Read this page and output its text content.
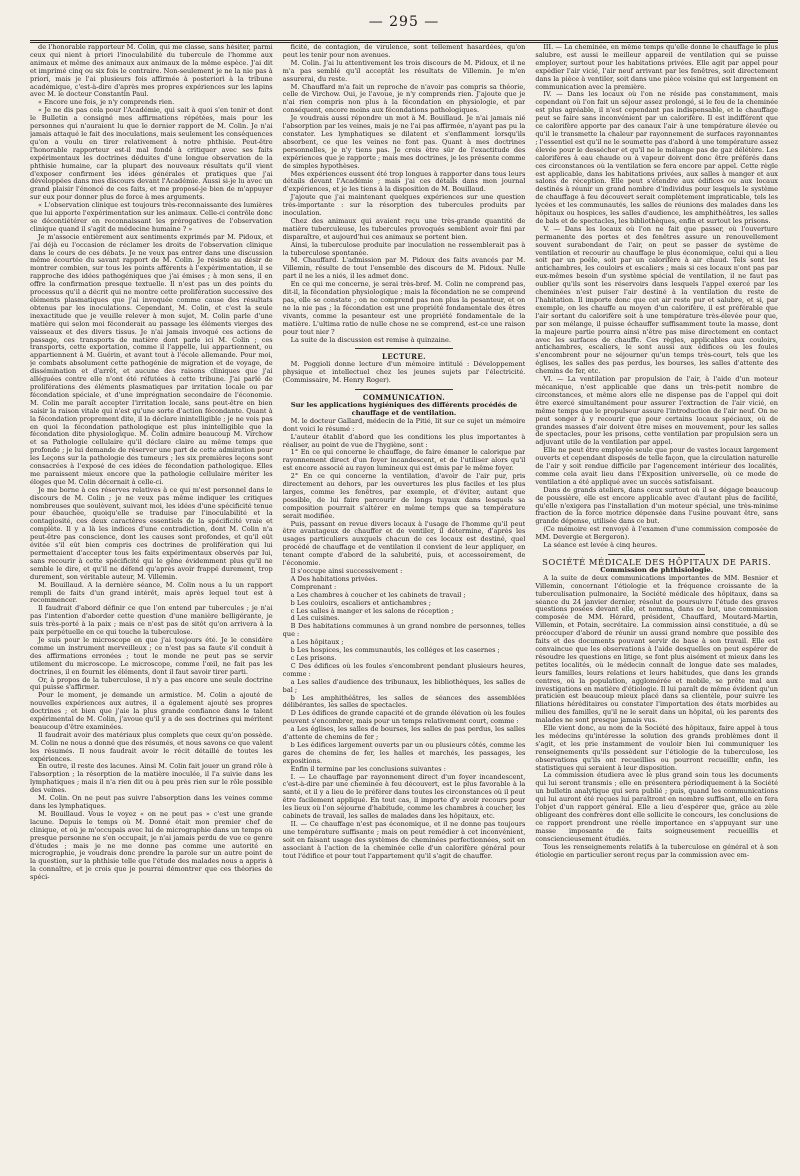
— 295 —

de l'honorable rapporteur M. Colin, qui me classe, sans hésiter, parmi ceux qui nient à priori l'inoculabilité du tubercule de l'homme aux animaux et même des animaux aux animaux de la même espèce. J'ai dit et imprimé cinq ou six fois le contraire. Non-seulement je ne la nie pas à priori, mais je l'ai plusieurs fois affirmée à posteriori à la tribune académique, c'est-à-dire d'après mes propres expériences sur les lapins avec M. le docteur Constantin Paul.

« Encore une fois, je n'y comprends rien.

« Je ne dis pas cela pour l'Académie, qui sait à quoi s'en tenir et dont le Bulletin a consigné mes affirmations répétées, mais pour les personnes qui n'auraient lu que le dernier rapport de M. Colin. Je n'ai jamais attaqué le fait des inoculations, mais seulement les conséquences qu'on a voulu en tirer relativement à notre phthisie. Peut-être l'honorable rapporteur est-il mal fondé à critiquer avec ses faits expérimentaux les doctrines déduites d'une longue observation de la phthisie humaine, car la plupart des nouveaux résultats qu'il vient d'exposer confirment les idées générales et pratiques que j'ai développées dans mes discours devant l'Académie. Aussi si-je lu avec un grand plaisir l'énoncé de ces faits, et me proposé-je bien de m'appuyer sur eux pour donner plus de force à mes arguments.

« L'observation clinique est toujours très-reconnaissante des lumières que lui apporte l'expérimentation sur les animaux. Celle-ci contrôle donc se décontiétérer en reconnaissant les prérogatives de l'observation clinique quand il s'agit de médecine humaine ? »

Je m'associe entièrement aux sentiments exprimés par M. Pidoux, et j'ai déjà eu l'occasion de réclamer les droits de l'observation clinique dans le cours de ces débats. Je ne veux pas entrer dans une discussion même écourtée du savant rapport de M. Colin. Je résiste au désir de montrer combien, sur tous les points afférents à l'expérimentation, il se rapproche des idées pathogéniques que j'ai émises ; à mon sens, il en offre la confirmation presque textuelle. Il n'est pas un des points du processus qu'il a décrit qui ne montre cette prolifération successive des éléments plasmatiques que j'ai invoquée comme cause des résultats obtenus par les inoculations. Cependant, M. Colin, et c'est la seule inexactitude que je veuille relever à mon sujet, M. Colin parle d'une matière qui selon moi féconderait au passage les éléments vierges des vaisseaux et des divers tissus. Je n'ai jamais invoqué ces actions de passage, ces transports de matière dont parle ici M. Colin ; ces transports, cette exportation, comme il l'appelle, lui appartiennent, ou appartiennent à M. Guérin, et avant tout à l'école allemande. Pour moi, je combats absolument cette pathogénie de migration et de voyage, de dissémination et d'arrêt, et aucune des raisons cliniques que j'ai alléguées contre elle n'ont été réfutées à cette tribune. J'ai parlé de proliférations des éléments plasmatiques par irritation locale ou par fécondation spéciale, et d'une imprégnation secondaire de l'économie. M. Colin me paraît accepter l'irritation locale, sans peut-être en bien saisir la raison vitale qui n'est qu'une sorte d'action fécondante. Quant à la fécondation proprement dite, il la déclare inintelligible ; je ne vois pas en quoi la fécondation pathologique est plus inintelligible que la fécondation dite physiologique. M. Colin admire beaucoup M. Virchow et sa Pathologie cellulaire qu'il déclare claire au même temps que profonde ; je lui demande de réserver une part de cette admiration pour les Leçons sur la pathologie des tumeurs ; les six premières leçons sont consacrées à l'exposé de ces idées de fécondation pathologique. Elles me paraissent mieux encore que la pathologie cellulaire mériter les éloges que M. Colin décernait à celle-ci.

Je me borne à ces réserves relatives à ce qui m'est personnel dans le discours de M. Colin ; je ne veux pas même indiquer les critiques nombreuses que soulèvent, suivant moi, les idées d'une spécificité tenue pour ébauchée, quoiqu'elle se traduise par l'inoculabilité et la contagiosité, ces deux caractères essentiels de la spécificité vraie et complète. Il y a là les indices d'une contradiction, dont M. Colin n'a peut-être pas conscience, dont les causes sont profondes, et qu'il eût évitée s'il eût bien compris ces doctrines de prolifération qui lui permettaient d'accepter tous les faits expérimentaux observés par lui, sans recourir à cette spécificité qui le gêne évidemment plus qu'il ne semble le dire, et qu'il ne défend qu'après avoir frappé durement, trop durement, son véritable auteur, M. Villemin.

M. Bouillaud. A la dernière séance, M. Colin nous a lu un rapport rempli de faits d'un grand intérêt, mais après lequel tout est à recommencer.

Il faudrait d'abord définir ce que l'on entend par tubercules ; je n'ai pas l'intention d'aborder cette question d'une manière belligérante, je suis très-porté à la paix ; mais ce n'est pas de sitôt qu'on arrivera à la paix perpétuelle en ce qui touche la tuberculose.

Je suis pour le microscope en que j'ai toujours été. Je le considère comme un instrument merveilleux ; ce n'est pas sa faute s'il conduit à des affirmations erronées ; tout le monde ne peut pas se servir utilement du microscope. Le microscope, comme l'œil, ne fait pas les doctrines, il en fournit les éléments, dont il faut savoir tirer parti.

Or, à propos de la tuberculose, il n'y a pas encore une seule doctrine qui puisse s'affirmer.

Pour le moment, je demande un armistice. M. Colin a ajouté de nouvelles expériences aux autres, il a également ajouté ses propres doctrines ; et bien que j'aie la plus grande confiance dans le talent expérimental de M. Colin, j'avoue qu'il y a de ses doctrines qui méritent beaucoup d'être examinées.

Il faudrait avoir des matériaux plus complets que ceux qu'on possède. M. Colin ne nous a donné que des résumés, et nous savons ce que valent les résumés. Il nous faudrait avoir le récit détaillé de toutes les expériences.

En outre, il reste des lacunes. Ainsi M. Colin fait jouer un grand rôle à l'absorption ; la résorption de la matière inoculée, il l'a suivie dans les lymphatiques ; mais il n'a rien dit ou à peu près rien sur le rôle possible des veines.

M. Colin. On ne peut pas suivre l'absorption dans les veines comme dans les lymphatiques.

M. Bouillaud. Vous le voyez « on ne peut pas » c'est une grande lacune. Depuis le temps où M. Donné était mon premier chef de clinique, et où je m'occupais avec lui de micrographie dans un temps où presque personne ne s'en occupait, je n'ai jamais perdu de vue ce genre d'études ; mais je ne me donne pas comme une autorité en micrographie, je voudrais donc prendre la parole sur un autre point de la question, sur la phthisie telle que l'étude des malades nous a appris à la connaître, et je crois que je pourrai démontrer que ces théories de spéci-

ficité, de contagion, de virulence, sont tellement hasardées, qu'on peut les tenir pour non avenues.

M. Colin. J'ai lu attentivement les trois discours de M. Pidoux, et il ne m'a pas semblé qu'il acceptât les résultats de Villemin. Je m'en assurerai, du reste.

M. Chauffard m'a fait un reproche de n'avoir pas compris sa théorie, celle de Virchow. Oui, je l'avoue, je n'y comprends rien. J'ajoute que je n'ai rien compris non plus à la fécondation en physiologie, et par conséquent, encore moins aux fécondations pathologiques.

Je voudrais aussi répondre un mot à M. Bouillaud. Je n'ai jamais nié l'absorption par les veines, mais je ne l'ai pas affirmée, n'ayant pas pu la constater. Les lymphatiques se dilatent et s'enflamment lorsqu'ils absorbent, ce que les veines ne font pas. Quant à mes doctrines personnelles, je n'y tiens pas. Je crois être sûr de l'exactitude des expériences que je rapporte ; mais mes doctrines, je les présente comme de simples hypothèses.

Mes expériences eussent été trop longues à rapporter dans tous leurs détails devant l'Académie ; mais j'ai ces détails dans mon journal d'expériences, et je les tiens à la disposition de M. Bouillaud.

J'ajoute que j'ai maintenant quelques expériences sur une question très-importante : sur la résorption des tubercules produits par inoculation.

Chez des animaux qui avaient reçu une très-grande quantité de matière tuberculeuse, les tubercules provoqués semblent avoir fini par disparaître, et aujourd'hui ces animaux se portent bien.

Ainsi, la tuberculose produite par inoculation ne ressemblerait pas à la tuberculose spontanée.

M. Chauffard. L'admission par M. Pidoux des faits avancés par M. Villemin, résulte de tout l'ensemble des discours de M. Pidoux. Nulle part il ne les a niés, il les admet donc.

En ce qui me concerne, je serai très-bref. M. Colin ne comprend pas, dit-il, la fécondation physiologique ; mais la fécondation ne se comprend pas, elle se constate ; on ne comprend pas non plus la pesanteur, et on ne la nie pas ; la fécondation est une propriété fondamentale des êtres vivants, comme la pesanteur est une propriété fondamentale de la matière. L'ultima ratio de nulle chose ne se comprend, est-ce une raison pour tout nier ?

La suite de la discussion est remise à quinzaine.

LECTURE.

M. Poggioli donne lecture d'un mémoire intitulé : Développement physique et intellectuel chez les jeunes sujets par l'électricité. (Commissaire, M. Henry Roger).

COMMUNICATION.

Sur les applications hygiéniques des différents procédés de chauffage et de ventilation.

M. le docteur Gallard, médecin de la Pitié, lit sur ce sujet un mémoire dont voici le résumé :

L'auteur établit d'abord que les conditions les plus importantes à réaliser, au point de vue de l'hygiène, sont :

1° En ce qui concerne le chauffage, de faire émaner le calorique par rayonnement direct d'un foyer incandescent, et de l'utiliser alors qu'il est encore associé au rayon lumineux qui est émis par le même foyer.

2° En ce qui concerne la ventilation, d'avoir de l'air pur, pris directement au dehors, par les ouvertures les plus faciles et les plus larges, comme les fenêtres, par exemple, et d'éviter, autant que possible, de lui faire parcourir de longs tuyaux dans lesquels sa composition pourrait s'altérer en même temps que sa température serait modifiée.

Puis, passant en revue divers locaux à l'usage de l'homme qu'il peut être avantageux de chauffer et de ventiler, il détermine, d'après les usages particuliers auxquels chacun de ces locaux est destiné, quel procédé de chauffage et de ventilation il convient de leur appliquer, en tenant compte d'abord de la salubrité, puis, et accessoirement, de l'économie.

Il s'occupe ainsi successivement :

A Des habitations privées.

Comprenant :

a Les chambres à coucher et les cabinets de travail ;

b Les couloirs, escaliers et antichambres ;

c Les salles à manger et les salons de réception ;

d Les cuisines.

B Des habitations communes à un grand nombre de personnes, telles que :

a Les hôpitaux ;

b Les hospices, les communautés, les colléges et les casernes ;

c Les prisons.

C Des édifices où les foules s'encombrent pendant plusieurs heures, comme :

a Les salles d'audience des tribunaux, les bibliothèques, les salles de bal ;

b Les amphithéâtres, les salles de séances des assemblées délibérantes, les salles de spectacles.

D Les édifices de grande capacité et de grande élévation où les foules peuvent s'encombrer, mais pour un temps relativement court, comme :

a Les églises, les salles de bourses, les salles de pas perdus, les salles d'attente de chemins de fer ;

b Les édifices largement ouverts par un ou plusieurs côtés, comme les gares de chemins de fer, les halles et marchés, les passages, les expositions.

Enfin il termine par les conclusions suivantes :

I. — Le chauffage par rayonnement direct d'un foyer incandescent, c'est-à-dire par une cheminée à feu découvert, est le plus favorable à la santé, et il y a lieu de le préférer dans toutes les circonstances où il peut être facilement appliqué. En tout cas, il importe d'y avoir recours pour les lieux où l'on séjourne d'habitude, comme les chambres à coucher, les cabinets de travail, les salles de malades dans les hôpitaux, etc.

II. — Ce chauffage n'est pas économique, et il ne donne pas toujours une température suffisante ; mais on peut remédier à cet inconvénient, soit en faisant usage des systèmes de cheminées perfectionnées, soit en associant à l'action de la cheminée celle d'un calorifère général pour tout l'édifice et pour tout l'appartement qu'il s'agit de chauffer.

III. — La cheminée, en même temps qu'elle donne le chauffage le plus salubre, est aussi le meilleur appareil de ventilation qui se puisse employer, surtout pour les habitations privées. Elle agit par appel pour expédier l'air vicié, l'air neuf arrivant par les fenêtres, soit directement dans la pièce à ventiler, soit dans une pièce voisine qui est largement en communication avec la première.

IV. — Dans les locaux où l'on ne réside pas constamment, mais cependant où l'on fait un séjour assez prolongé, si le feu de la cheminée est plus agréable, il n'est cependant pas indispensable, et le chauffage peut se faire sans inconvénient par un calorifère. Il est indifférent que ce calorifère apporte par des canaux l'air à une température élevée ou qu'il le transmette la chaleur par rayonnement de surfaces rayonnantes ; l'essentiel est qu'il ne le soumette pas d'abord à une température assez élevée pour le dessécher et qu'il ne le mélange pas de gaz délétère. Les calorifères à eau chaude ou à vapeur doivent donc être préférés dans ces circonstances où la ventilation se fera encore par appel. Cette règle est applicable, dans les habitations privées, aux salles à manger et aux salons de réception. Elle peut s'étendre aux édifices ou aux locaux destinés à réunir un grand nombre d'individus pour lesquels le système de chauffage à feu découvert serait complètement impraticable, tels les lycées et les communautés, les salles de réunions des malades dans les hôpitaux ou hospices, les salles d'audience, les amphithéâtres, les salles de bals et de spectacles, les bibliothèques, enfin et surtout les prisons.

V. — Dans les locaux où l'on ne fait que passer, où l'ouverture permanente des portes et des fenêtres assure un renouvellement souvent surabondant de l'air, on peut se passer de système de ventilation et recourir au chauffage le plus économique, celui qui a lieu soit par un poêle, soit par un calorifère à air chaud. Tels sont les antichambres, les couloirs et escaliers ; mais si ces locaux n'ont pas par eux-mêmes besoin d'un système spécial de ventilation, il ne faut pas oublier qu'ils sont les réservoirs dans lesquels l'appel exercé par les cheminées n'est puiser l'air destiné à la ventilation du reste de l'habitation. Il importe donc que cet air reste pur et salubre, et si, par exemple, on les chauffe au moyen d'un calorifère, il est préférable que l'air sortant du calorifère soit à une température très-élevée pour que, par son mélange, il puisse échauffer suffisamment toute la masse, dont la majeure partie pourra ainsi n'être pas mise directement en contact avec les surfaces de chauffe. Ces règles, applicables aux couloirs, antichambres, escaliers, le sont aussi aux édifices où les foules s'encombrent pour ne séjourner qu'un temps très-court, tels que les églises, les salles des pas perdus, les bourses, les salles d'attente des chemins de fer, etc.

VI. — La ventilation par propulsion de l'air, à l'aide d'un moteur mécanique, n'est applicable que dans un très-petit nombre de circonstances, et même alors elle ne dispense pas de l'appel qui doit être exercé simultanément pour assurer l'extraction de l'air vicié, en même temps que le propulseur assure l'introduction de l'air neuf. On ne peut songer à y recourir que pour certains locaux spéciaux, où de grandes masses d'air doivent être mises en mouvement, pour les salles de spectacles, pour les prisons, cette ventilation par propulsion sera un adjuvant utile de la ventilation par appel.

Elle ne peut être employée seule que pour de vastes locaux largement ouverts et cependant disposés de telle façon, que la circulation naturelle de l'air y soit rendue difficile par l'agencement intérieur des localités, comme cela avait lieu dans l'Exposition universelle, où ce mode de ventilation a été appliqué avec un succès satisfaisant.

Dans de grands ateliers, dans ceux surtout où il se dégage beaucoup de poussière, elle est encore applicable avec d'autant plus de facilité, qu'elle n'exigera pas l'installation d'un moteur spécial, une très-minime fraction de la force motrice dépensée dans l'usine pouvant être, sans grande dépense, utilisée dans ce but.

(Ce mémoire est renvoyé à l'examen d'une commission composée de MM. Devergie et Bergeron).

La séance est levée à cinq heures.

SOCIÉTÉ MÉDICALE DES HÔPITAUX DE PARIS.

Commission de phthisiologie.

A la suite de deux communications importantes de MM. Besnier et Villemin, concernant l'étiologie et la fréquence croissante de la tuberculisation pulmonaire, la Société médicale des hôpitaux, dans sa séance du 24 janvier dernier, résolut de poursuivre l'étude des graves questions posées devant elle, et nomma, dans ce but, une commission composée de MM. Hérard, président, Chauffard, Moutard-Martin, Villemin, et Potain, secrétaire. La commission ainsi constituée, a dû se préoccuper d'abord de réunir un aussi grand nombre que possible des faits et des documents pouvant servir de base à son travail. Elle est convaincue que les observations à l'aide desquelles on peut espérer de résoudre les questions en litige, se font plus aisément et mieux dans les petites localités, où le médecin connaît de longue date ses malades, leurs familles, leurs relations et leurs habitudes, que dans les grands centres, où la population, agglomérée et mobile, se prête mal aux investigations en matière d'étiologie. Il lui paraît de même évident qu'un praticien est beaucoup mieux placé dans sa clientèle, pour suivre les filiations héréditaires ou constater l'importation des états morbides au milieu des familles, qu'il ne le serait dans un hôpital, où les parents des malades ne sont presque jamais vus.

Elle vient donc, au nom de la Société des hôpitaux, faire appel à tous les médecins qu'intéresse la solution des grands problèmes dont il s'agit, et les prie instamment de vouloir bien lui communiquer les renseignements qu'ils possèdent sur l'étiologie de la tuberculose, les observations qu'ils ont recueillies ou pourront recueillir, enfin, les statistiques qui seraient à leur disposition.

La commission étudiera avec le plus grand soin tous les documents qui lui seront transmis ; elle en présentera périodiquement à la Société un bulletin analytique qui sera publié ; puis, quand les communications qui lui auront été reçues lui paraîtront en nombre suffisant, elle en fera l'objet d'un rapport général. Elle a lieu d'espérer que, grâce au zèle obligeant des confrères dont elle sollicite le concours, les conclusions de ce rapport prendront une réelle importance en s'appuyant sur une masse imposante de faits soigneusement recueillis et consciencieusement étudiés.

Tous les renseignements relatifs à la tuberculose en général et à son étiologie en particulier seront reçus par la commission avec em-
